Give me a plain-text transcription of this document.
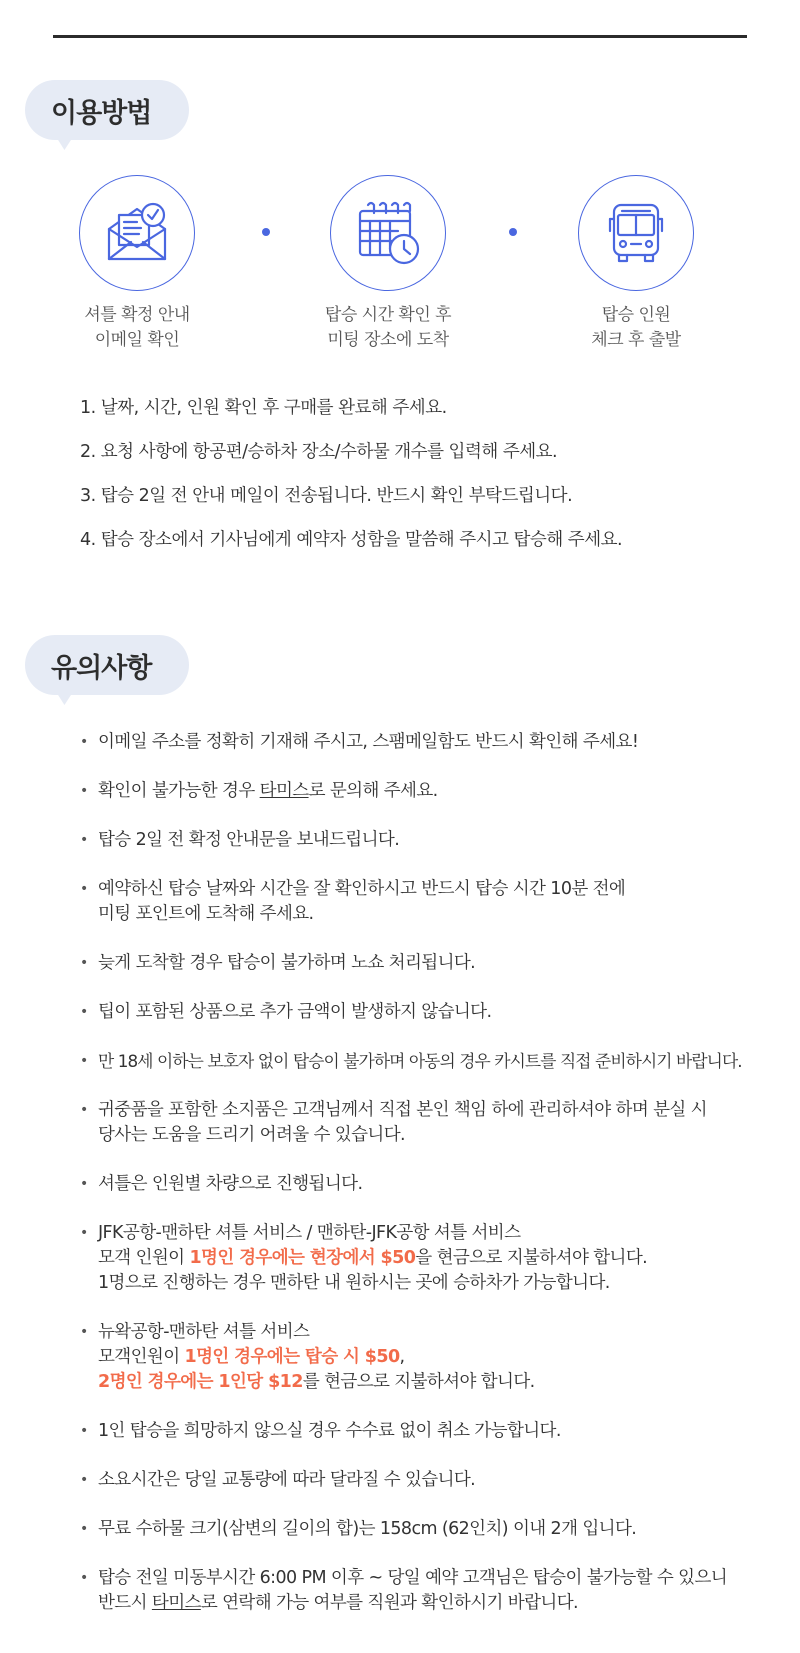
이용방법
셔틀 확정 안내
이메일 확인
탑승 시간 확인 후
미팅 장소에 도착
탑승 인원
체크 후 출발
1. 날짜, 시간, 인원 확인 후 구매를 완료해 주세요.
2. 요청 사항에 항공편/승하차 장소/수하물 개수를 입력해 주세요.
3. 탑승 2일 전 안내 메일이 전송됩니다. 반드시 확인 부탁드립니다.
4. 탑승 장소에서 기사님에게 예약자 성함을 말씀해 주시고 탑승해 주세요.
유의사항
• 이메일 주소를 정확히 기재해 주시고, 스팸메일함도 반드시 확인해 주세요!
• 확인이 불가능한 경우 타미스로 문의해 주세요.
• 탑승 2일 전 확정 안내문을 보내드립니다.
• 예약하신 탑승 날짜와 시간을 잘 확인하시고 반드시 탑승 시간 10분 전에
미팅 포인트에 도착해 주세요.
• 늦게 도착할 경우 탑승이 불가하며 노쇼 처리됩니다.
• 팁이 포함된 상품으로 추가 금액이 발생하지 않습니다.
• 만 18세 이하는 보호자 없이 탑승이 불가하며 아동의 경우 카시트를 직접 준비하시기 바랍니다.
• 귀중품을 포함한 소지품은 고객님께서 직접 본인 책임 하에 관리하셔야 하며 분실 시
당사는 도움을 드리기 어려울 수 있습니다.
• 셔틀은 인원별 차량으로 진행됩니다.
• JFK공항-맨하탄 셔틀 서비스 / 맨하탄-JFK공항 셔틀 서비스
모객 인원이 1명인 경우에는 현장에서 $50을 현금으로 지불하셔야 합니다.
1명으로 진행하는 경우 맨하탄 내 원하시는 곳에 승하차가 가능합니다.
• 뉴왁공항-맨하탄 셔틀 서비스
모객인원이 1명인 경우에는 탑승 시 $50,
2명인 경우에는 1인당 $12를 현금으로 지불하셔야 합니다.
• 1인 탑승을 희망하지 않으실 경우 수수료 없이 취소 가능합니다.
• 소요시간은 당일 교통량에 따라 달라질 수 있습니다.
• 무료 수하물 크기(삼변의 길이의 합)는 158cm (62인치) 이내 2개 입니다.
• 탑승 전일 미동부시간 6:00 PM 이후 ~ 당일 예약 고객님은 탑승이 불가능할 수 있으니
반드시 타미스로 연락해 가능 여부를 직원과 확인하시기 바랍니다.
